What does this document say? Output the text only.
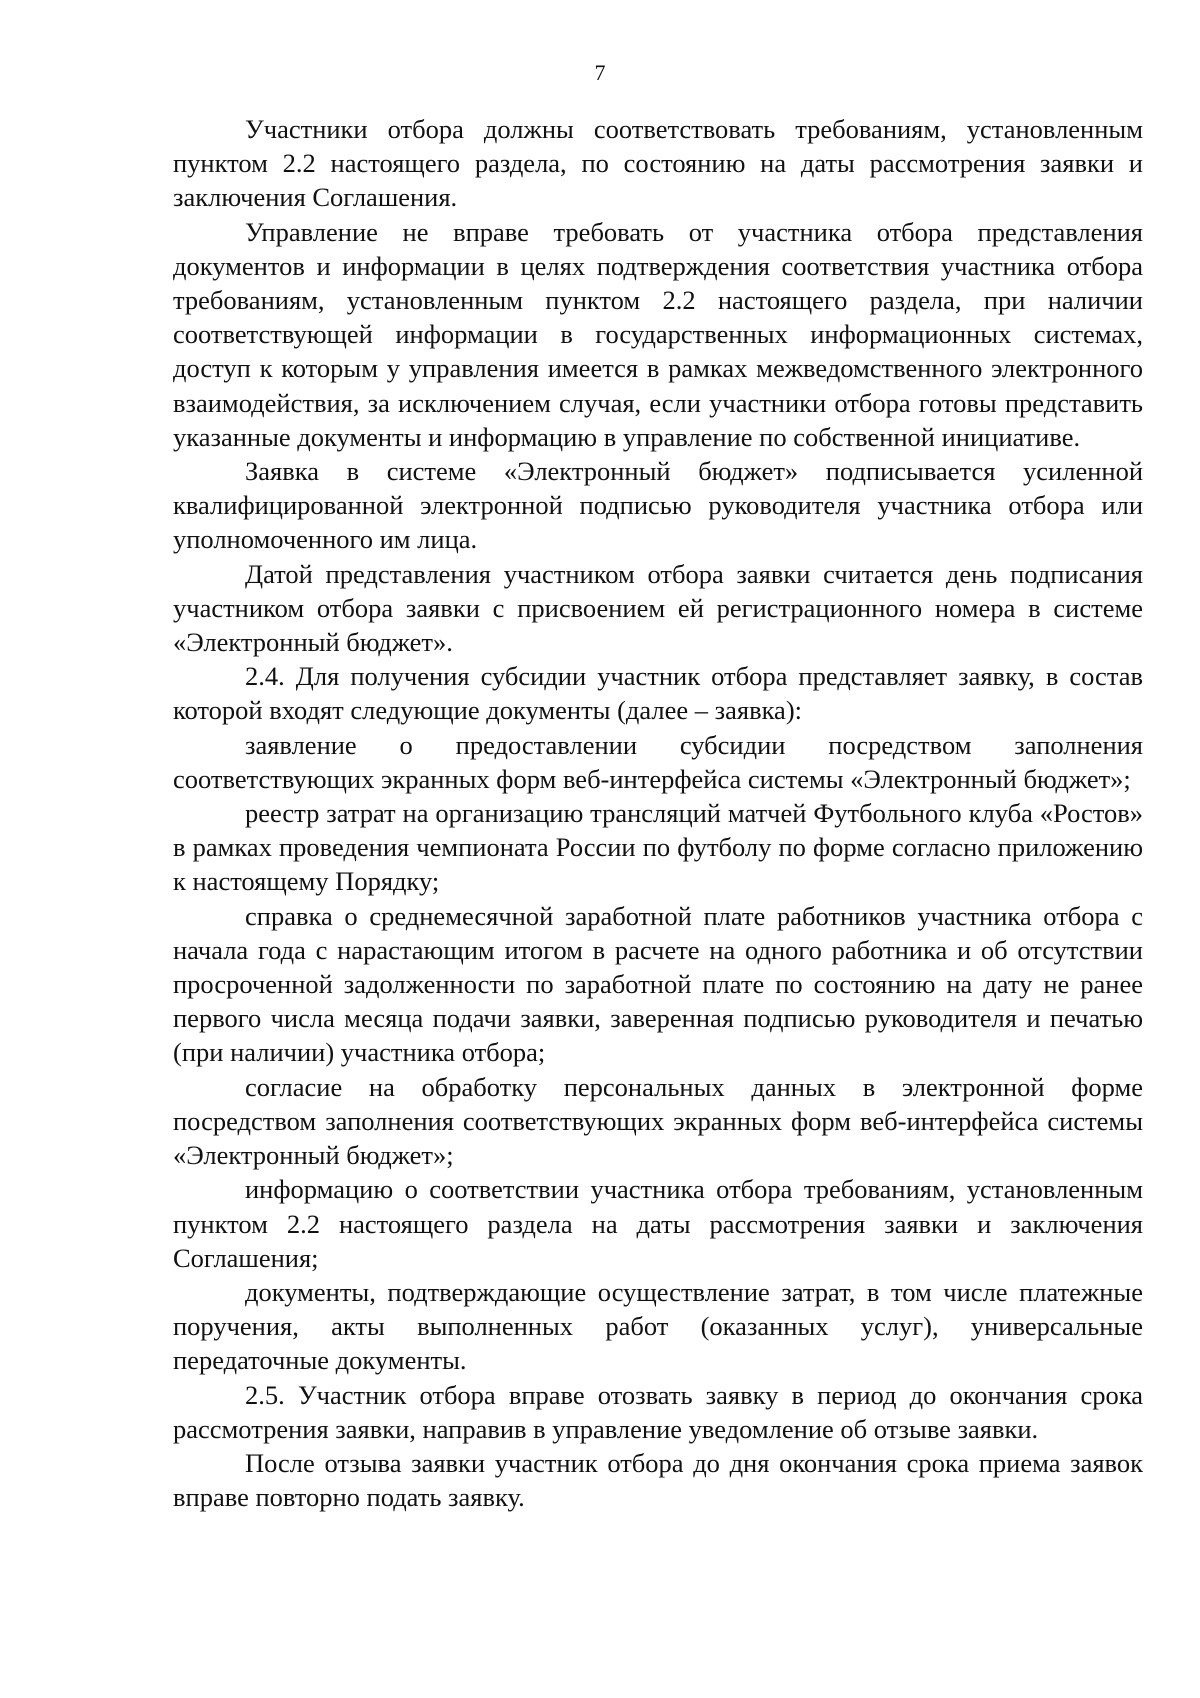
7

Участники отбора должны соответствовать требованиям, установленным пунктом 2.2 настоящего раздела, по состоянию на даты рассмотрения заявки и заключения Соглашения.

Управление не вправе требовать от участника отбора представления документов и информации в целях подтверждения соответствия участника отбора требованиям, установленным пунктом 2.2 настоящего раздела, при наличии соответствующей информации в государственных информационных системах, доступ к которым у управления имеется в рамках межведомственного электронного взаимодействия, за исключением случая, если участники отбора готовы представить указанные документы и информацию в управление по собственной инициативе.

Заявка в системе «Электронный бюджет» подписывается усиленной квалифицированной электронной подписью руководителя участника отбора или уполномоченного им лица.

Датой представления участником отбора заявки считается день подписания участником отбора заявки с присвоением ей регистрационного номера в системе «Электронный бюджет».

2.4. Для получения субсидии участник отбора представляет заявку, в состав которой входят следующие документы (далее – заявка):

заявление о предоставлении субсидии посредством заполнения соответствующих экранных форм веб-интерфейса системы «Электронный бюджет»;

реестр затрат на организацию трансляций матчей Футбольного клуба «Ростов» в рамках проведения чемпионата России по футболу по форме согласно приложению к настоящему Порядку;

справка о среднемесячной заработной плате работников участника отбора с начала года с нарастающим итогом в расчете на одного работника и об отсутствии просроченной задолженности по заработной плате по состоянию на дату не ранее первого числа месяца подачи заявки, заверенная подписью руководителя и печатью (при наличии) участника отбора;

согласие на обработку персональных данных в электронной форме посредством заполнения соответствующих экранных форм веб-интерфейса системы «Электронный бюджет»;

информацию о соответствии участника отбора требованиям, установленным пунктом 2.2 настоящего раздела на даты рассмотрения заявки и заключения Соглашения;

документы, подтверждающие осуществление затрат, в том числе платежные поручения, акты выполненных работ (оказанных услуг), универсальные передаточные документы.

2.5. Участник отбора вправе отозвать заявку в период до окончания срока рассмотрения заявки, направив в управление уведомление об отзыве заявки.

После отзыва заявки участник отбора до дня окончания срока приема заявок вправе повторно подать заявку.
